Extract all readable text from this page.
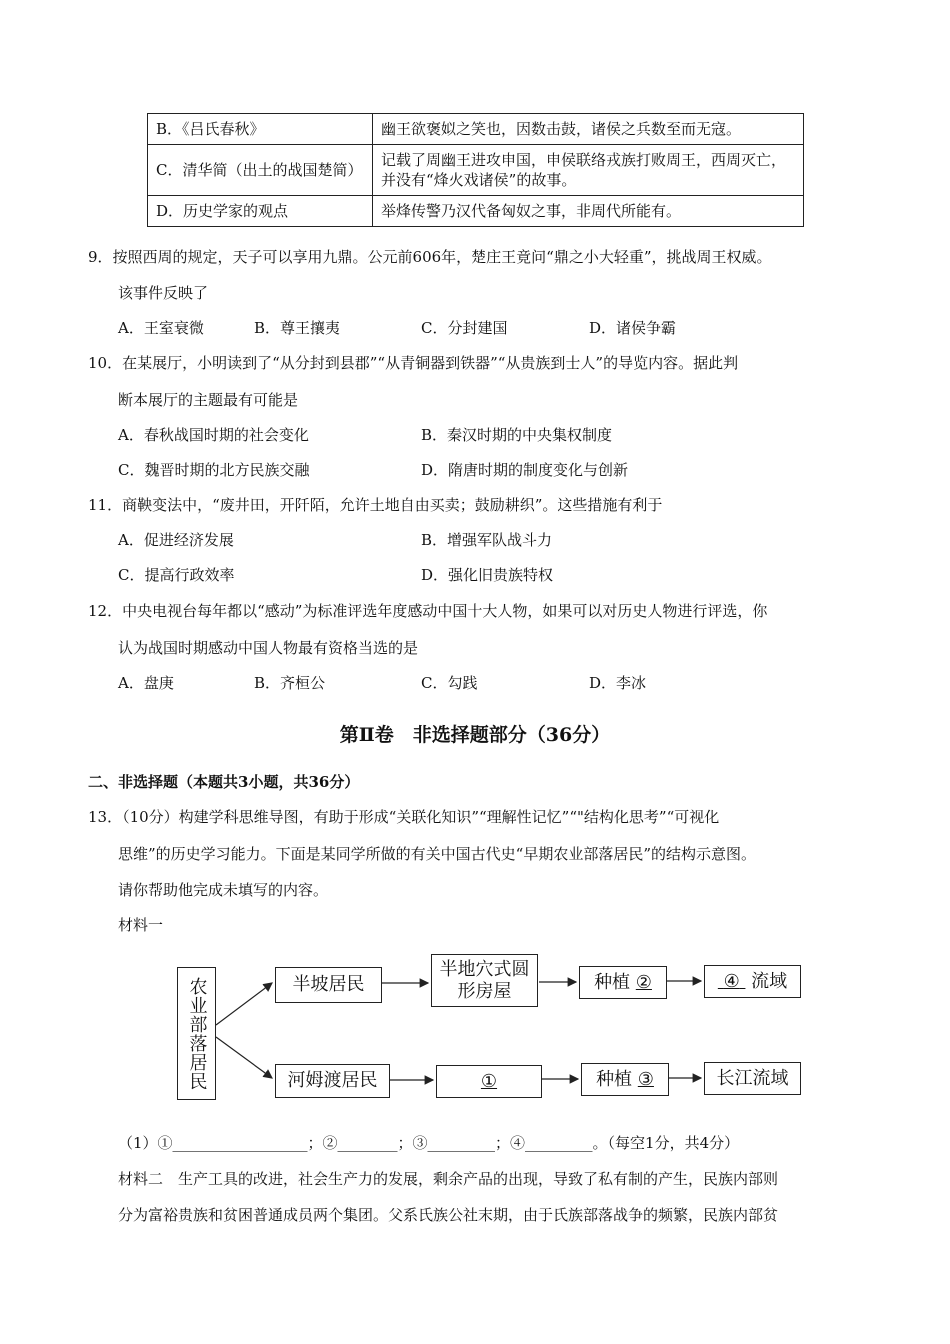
B．《吕氏春秋》	幽王欲褒姒之笑也，因数击鼓，诸侯之兵数至而无寇。
C．清华简（出土的战国楚简）	记载了周幽王进攻申国，申侯联络戎族打败周王，西周灭亡，并没有“烽火戏诸侯”的故事。
D．历史学家的观点	举烽传警乃汉代备匈奴之事，非周代所能有。
9．按照西周的规定，天子可以享用九鼎。公元前606年，楚庄王竟问“鼎之小大轻重”，挑战周王权威。
该事件反映了
A．王室衰微	B．尊王攘夷	C．分封建国	D．诸侯争霸
10．在某展厅，小明读到了“从分封到县郡”“从青铜器到铁器”“从贵族到士人”的导览内容。据此判
断本展厅的主题最有可能是
A．春秋战国时期的社会变化	B．秦汉时期的中央集权制度
C．魏晋时期的北方民族交融	D．隋唐时期的制度变化与创新
11．商鞅变法中，“废井田，开阡陌，允许土地自由买卖；鼓励耕织”。这些措施有利于
A．促进经济发展	B．增强军队战斗力
C．提高行政效率	D．强化旧贵族特权
12．中央电视台每年都以“感动”为标准评选年度感动中国十大人物，如果可以对历史人物进行评选，你
认为战国时期感动中国人物最有资格当选的是
A．盘庚	B．齐桓公	C．勾践	D．李冰
第Ⅱ卷　非选择题部分（36分）
二、非选择题（本题共3小题，共36分）
13．（10分）构建学科思维导图，有助于形成“关联化知识”“理解性记忆”“"结构化思考”“可视化
思维”的历史学习能力。下面是某同学所做的有关中国古代史“早期农业部落居民”的结构示意图。
请你帮助他完成未填写的内容。
材料一
农业部落居民	半坡居民
半地穴式圆形房屋	种植
②	④
流域
河姆渡居民	①	种植
③	长江流域
（1）①__________________；②________；③_________；④_________。（每空1分，共4分）
材料二　生产工具的改进，社会生产力的发展，剩余产品的出现，导致了私有制的产生，民族内部则
分为富裕贵族和贫困普通成员两个集团。父系氏族公社末期，由于氏族部落战争的频繁，民族内部贫
